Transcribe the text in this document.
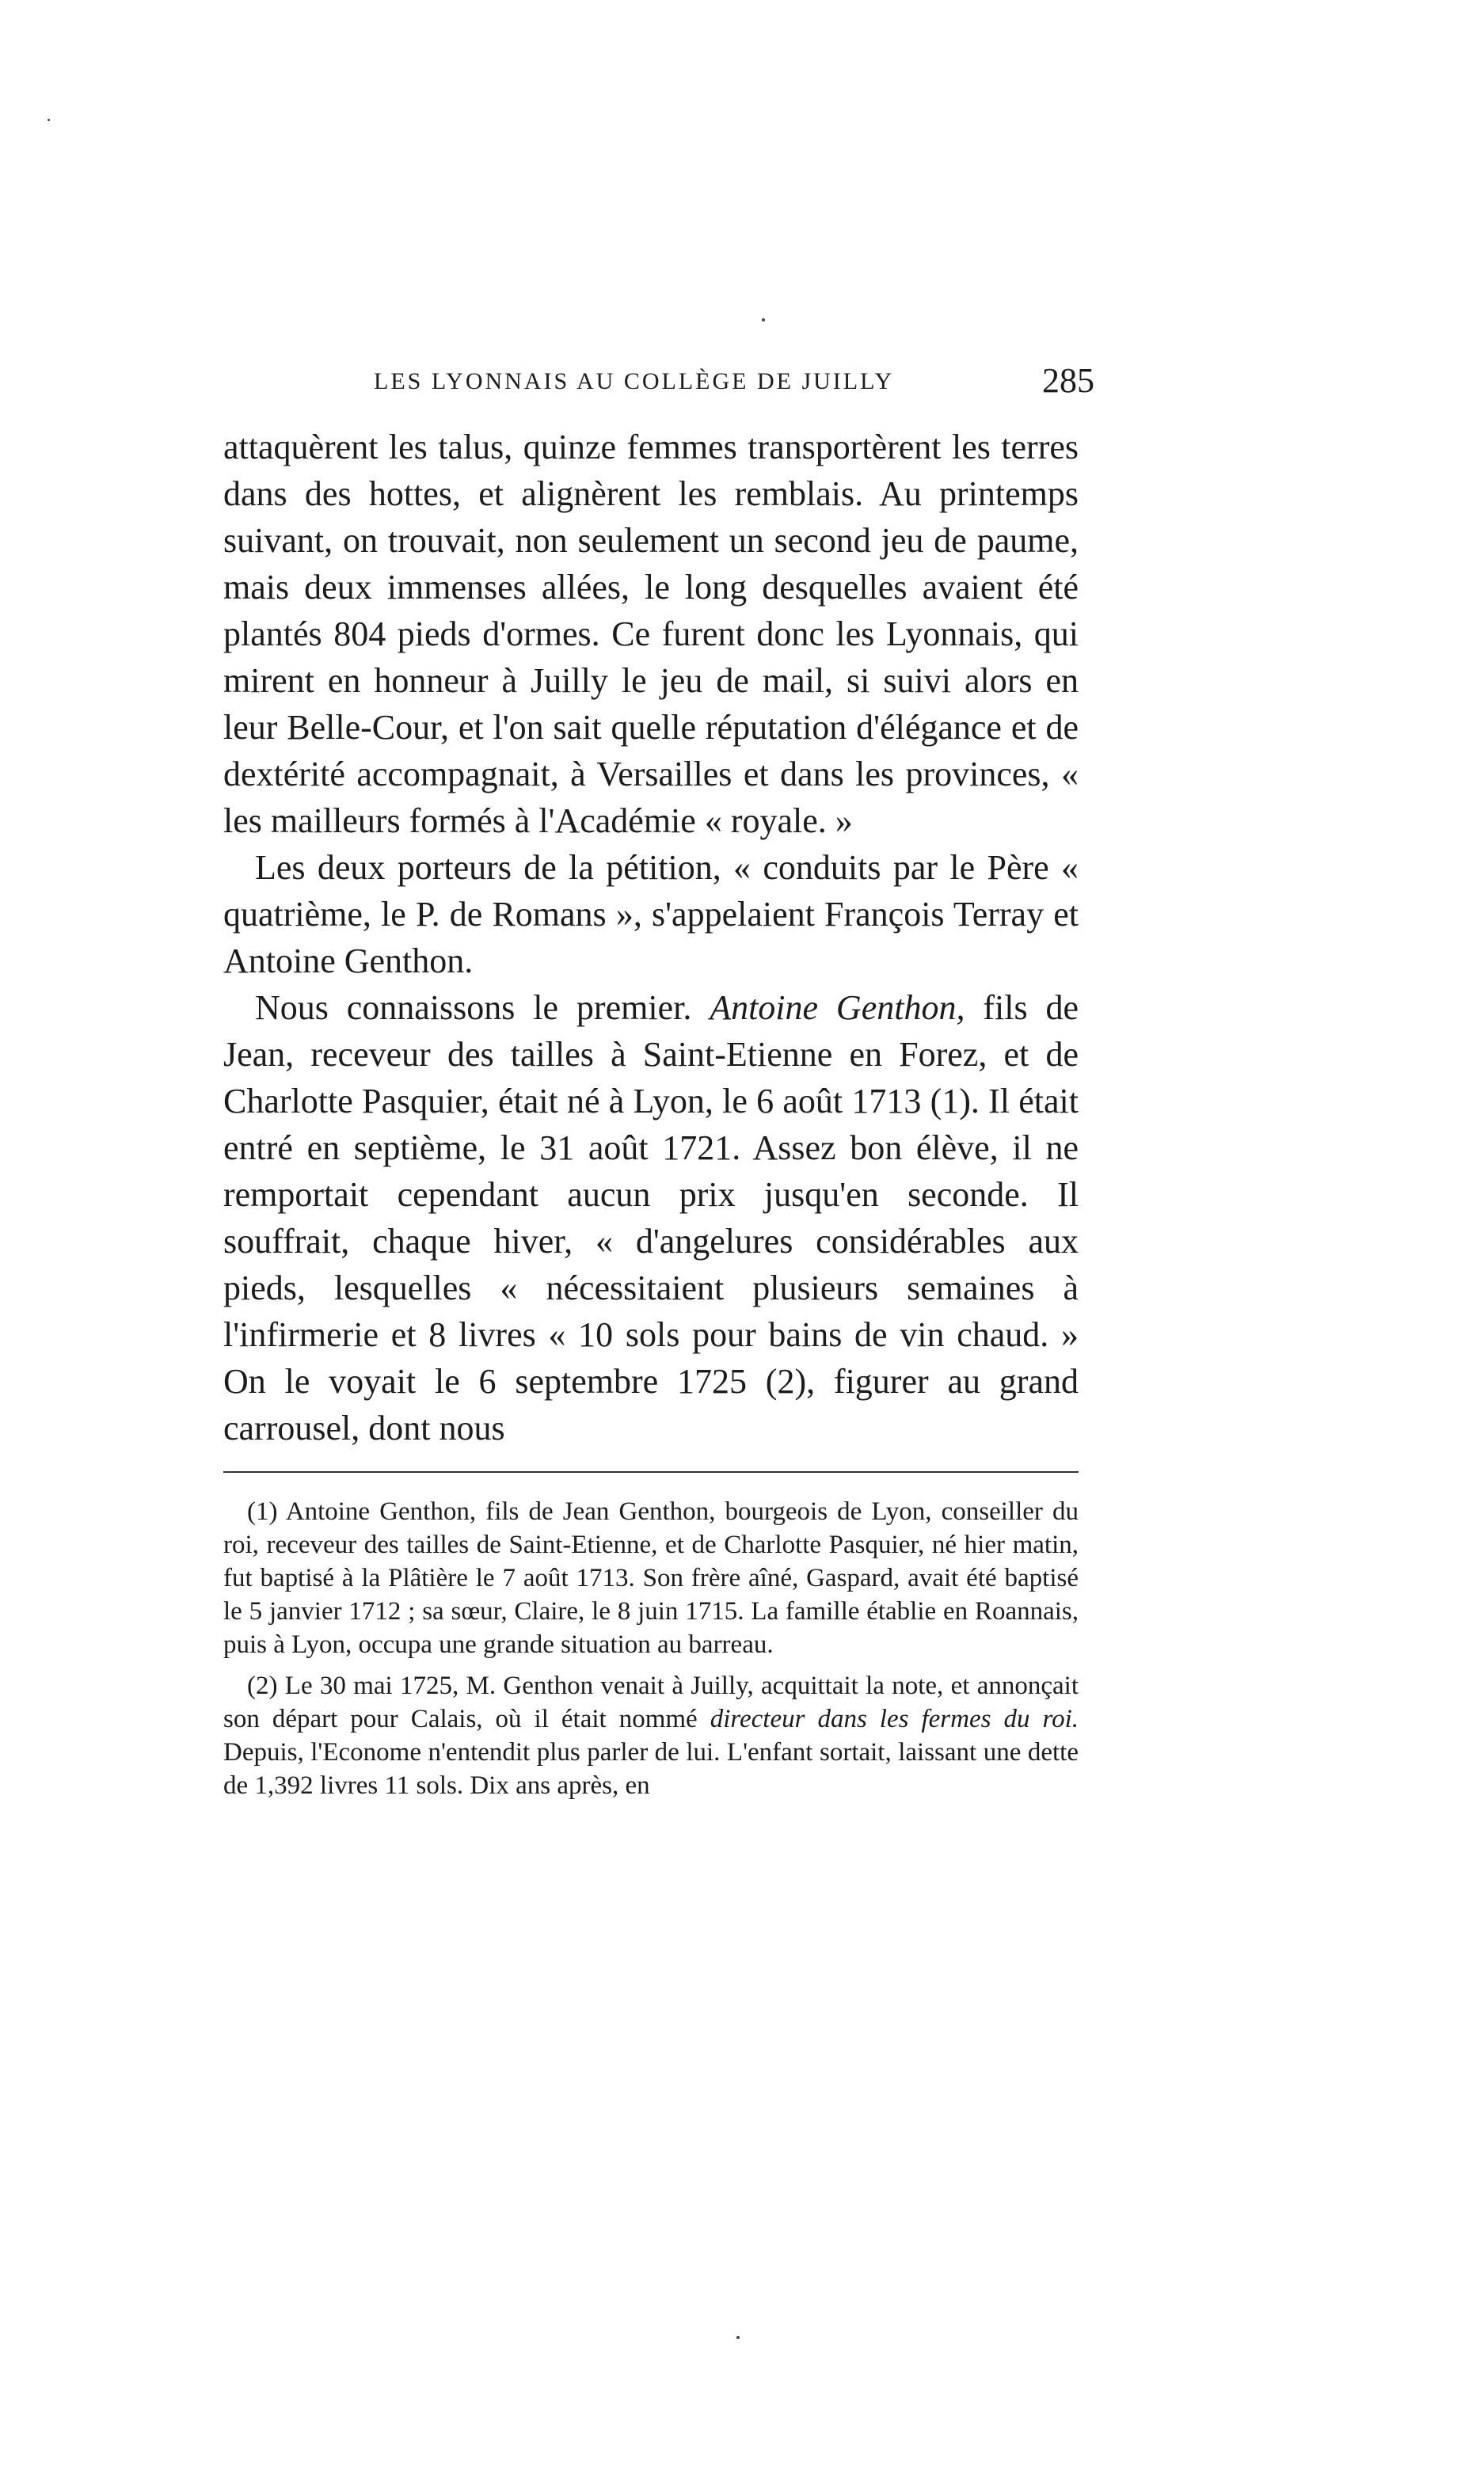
LES LYONNAIS AU COLLÈGE DE JUILLY	285

attaquèrent les talus, quinze femmes transportèrent les terres dans des hottes, et alignèrent les remblais. Au printemps suivant, on trouvait, non seulement un second jeu de paume, mais deux immenses allées, le long desquelles avaient été plantés 804 pieds d'ormes. Ce furent donc les Lyonnais, qui mirent en honneur à Juilly le jeu de mail, si suivi alors en leur Belle-Cour, et l'on sait quelle réputation d'élégance et de dextérité accompagnait, à Versailles et dans les provinces, « les mailleurs formés à l'Académie « royale. »

Les deux porteurs de la pétition, « conduits par le Père « quatrième, le P. de Romans », s'appelaient François Terray et Antoine Genthon.

Nous connaissons le premier. Antoine Genthon, fils de Jean, receveur des tailles à Saint-Etienne en Forez, et de Charlotte Pasquier, était né à Lyon, le 6 août 1713 (1). Il était entré en septième, le 31 août 1721. Assez bon élève, il ne remportait cependant aucun prix jusqu'en seconde. Il souffrait, chaque hiver, « d'angelures considérables aux pieds, lesquelles « nécessitaient plusieurs semaines à l'infirmerie et 8 livres « 10 sols pour bains de vin chaud. » On le voyait le 6 septembre 1725 (2), figurer au grand carrousel, dont nous

(1) Antoine Genthon, fils de Jean Genthon, bourgeois de Lyon, conseiller du roi, receveur des tailles de Saint-Etienne, et de Charlotte Pasquier, né hier matin, fut baptisé à la Plâtière le 7 août 1713. Son frère aîné, Gaspard, avait été baptisé le 5 janvier 1712 ; sa sœur, Claire, le 8 juin 1715. La famille établie en Roannais, puis à Lyon, occupa une grande situation au barreau.

(2) Le 30 mai 1725, M. Genthon venait à Juilly, acquittait la note, et annonçait son départ pour Calais, où il était nommé directeur dans les fermes du roi. Depuis, l'Econome n'entendit plus parler de lui. L'enfant sortait, laissant une dette de 1,392 livres 11 sols. Dix ans après, en
